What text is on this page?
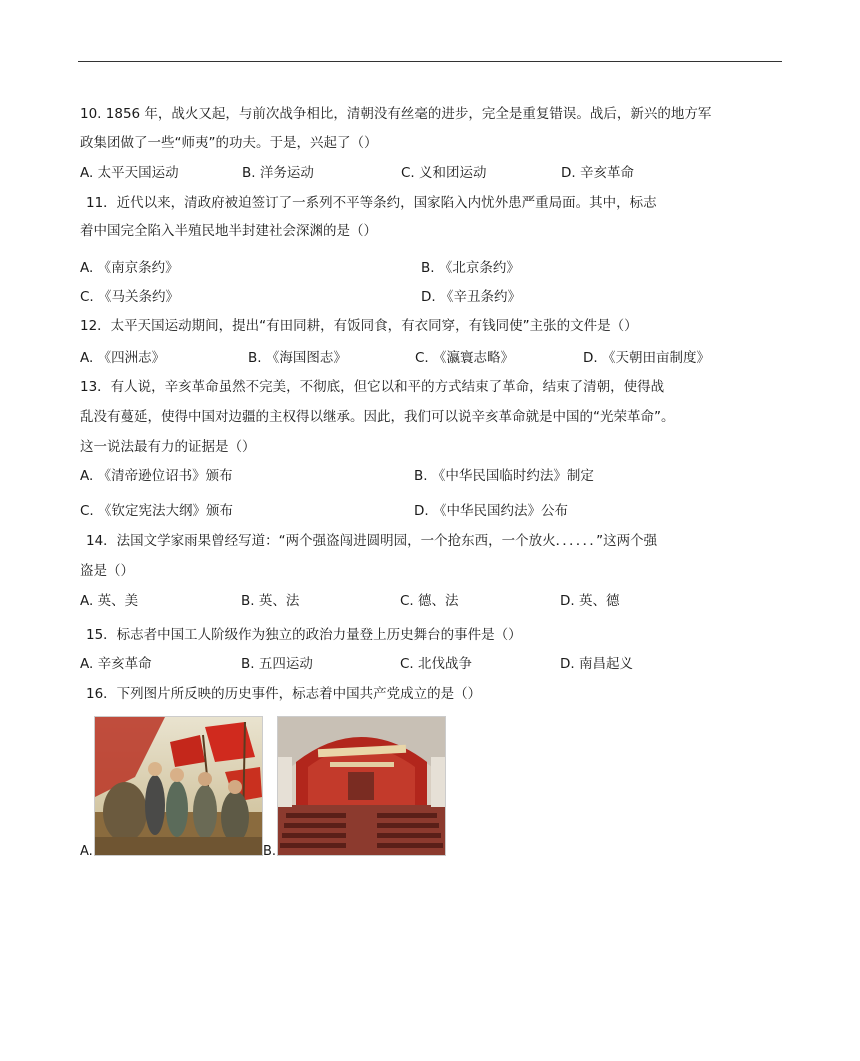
10. 1856 年，战火又起，与前次战争相比，清朝没有丝毫的进步，完全是重复错误。战后，新兴的地方军
政集团做了一些“师夷”的功夫。于是，兴起了（）
A. 太平天国运动	B. 洋务运动	C. 义和团运动	D. 辛亥革命
11．近代以来，清政府被迫签订了一系列不平等条约，国家陷入内忧外患严重局面。其中，标志
着中国完全陷入半殖民地半封建社会深渊的是（）
A. 《南京条约》	B. 《北京条约》
C. 《马关条约》	D. 《辛丑条约》
12．太平天国运动期间，提出“有田同耕，有饭同食，有衣同穿，有钱同使”主张的文件是（）
A. 《四洲志》	B. 《海国图志》	C. 《瀛寰志略》	D. 《天朝田亩制度》
13．有人说，辛亥革命虽然不完美，不彻底，但它以和平的方式结束了革命，结束了清朝，使得战
乱没有蔓延，使得中国对边疆的主权得以继承。因此，我们可以说辛亥革命就是中国的“光荣革命”。
这一说法最有力的证据是（）
A. 《清帝逊位诏书》颁布	B. 《中华民国临时约法》制定
C. 《钦定宪法大纲》颁布	D. 《中华民国约法》公布
14．法国文学家雨果曾经写道：“两个强盗闯进圆明园，一个抢东西，一个放火．．．．．．”这两个强
盗是（）
A. 英、美	B. 英、法	C. 德、法	D. 英、德
15．标志者中国工人阶级作为独立的政治力量登上历史舞台的事件是（）
A. 辛亥革命	B. 五四运动	C. 北伐战争	D. 南昌起义
16．下列图片所反映的历史事件，标志着中国共产党成立的是（）
A.	B.
